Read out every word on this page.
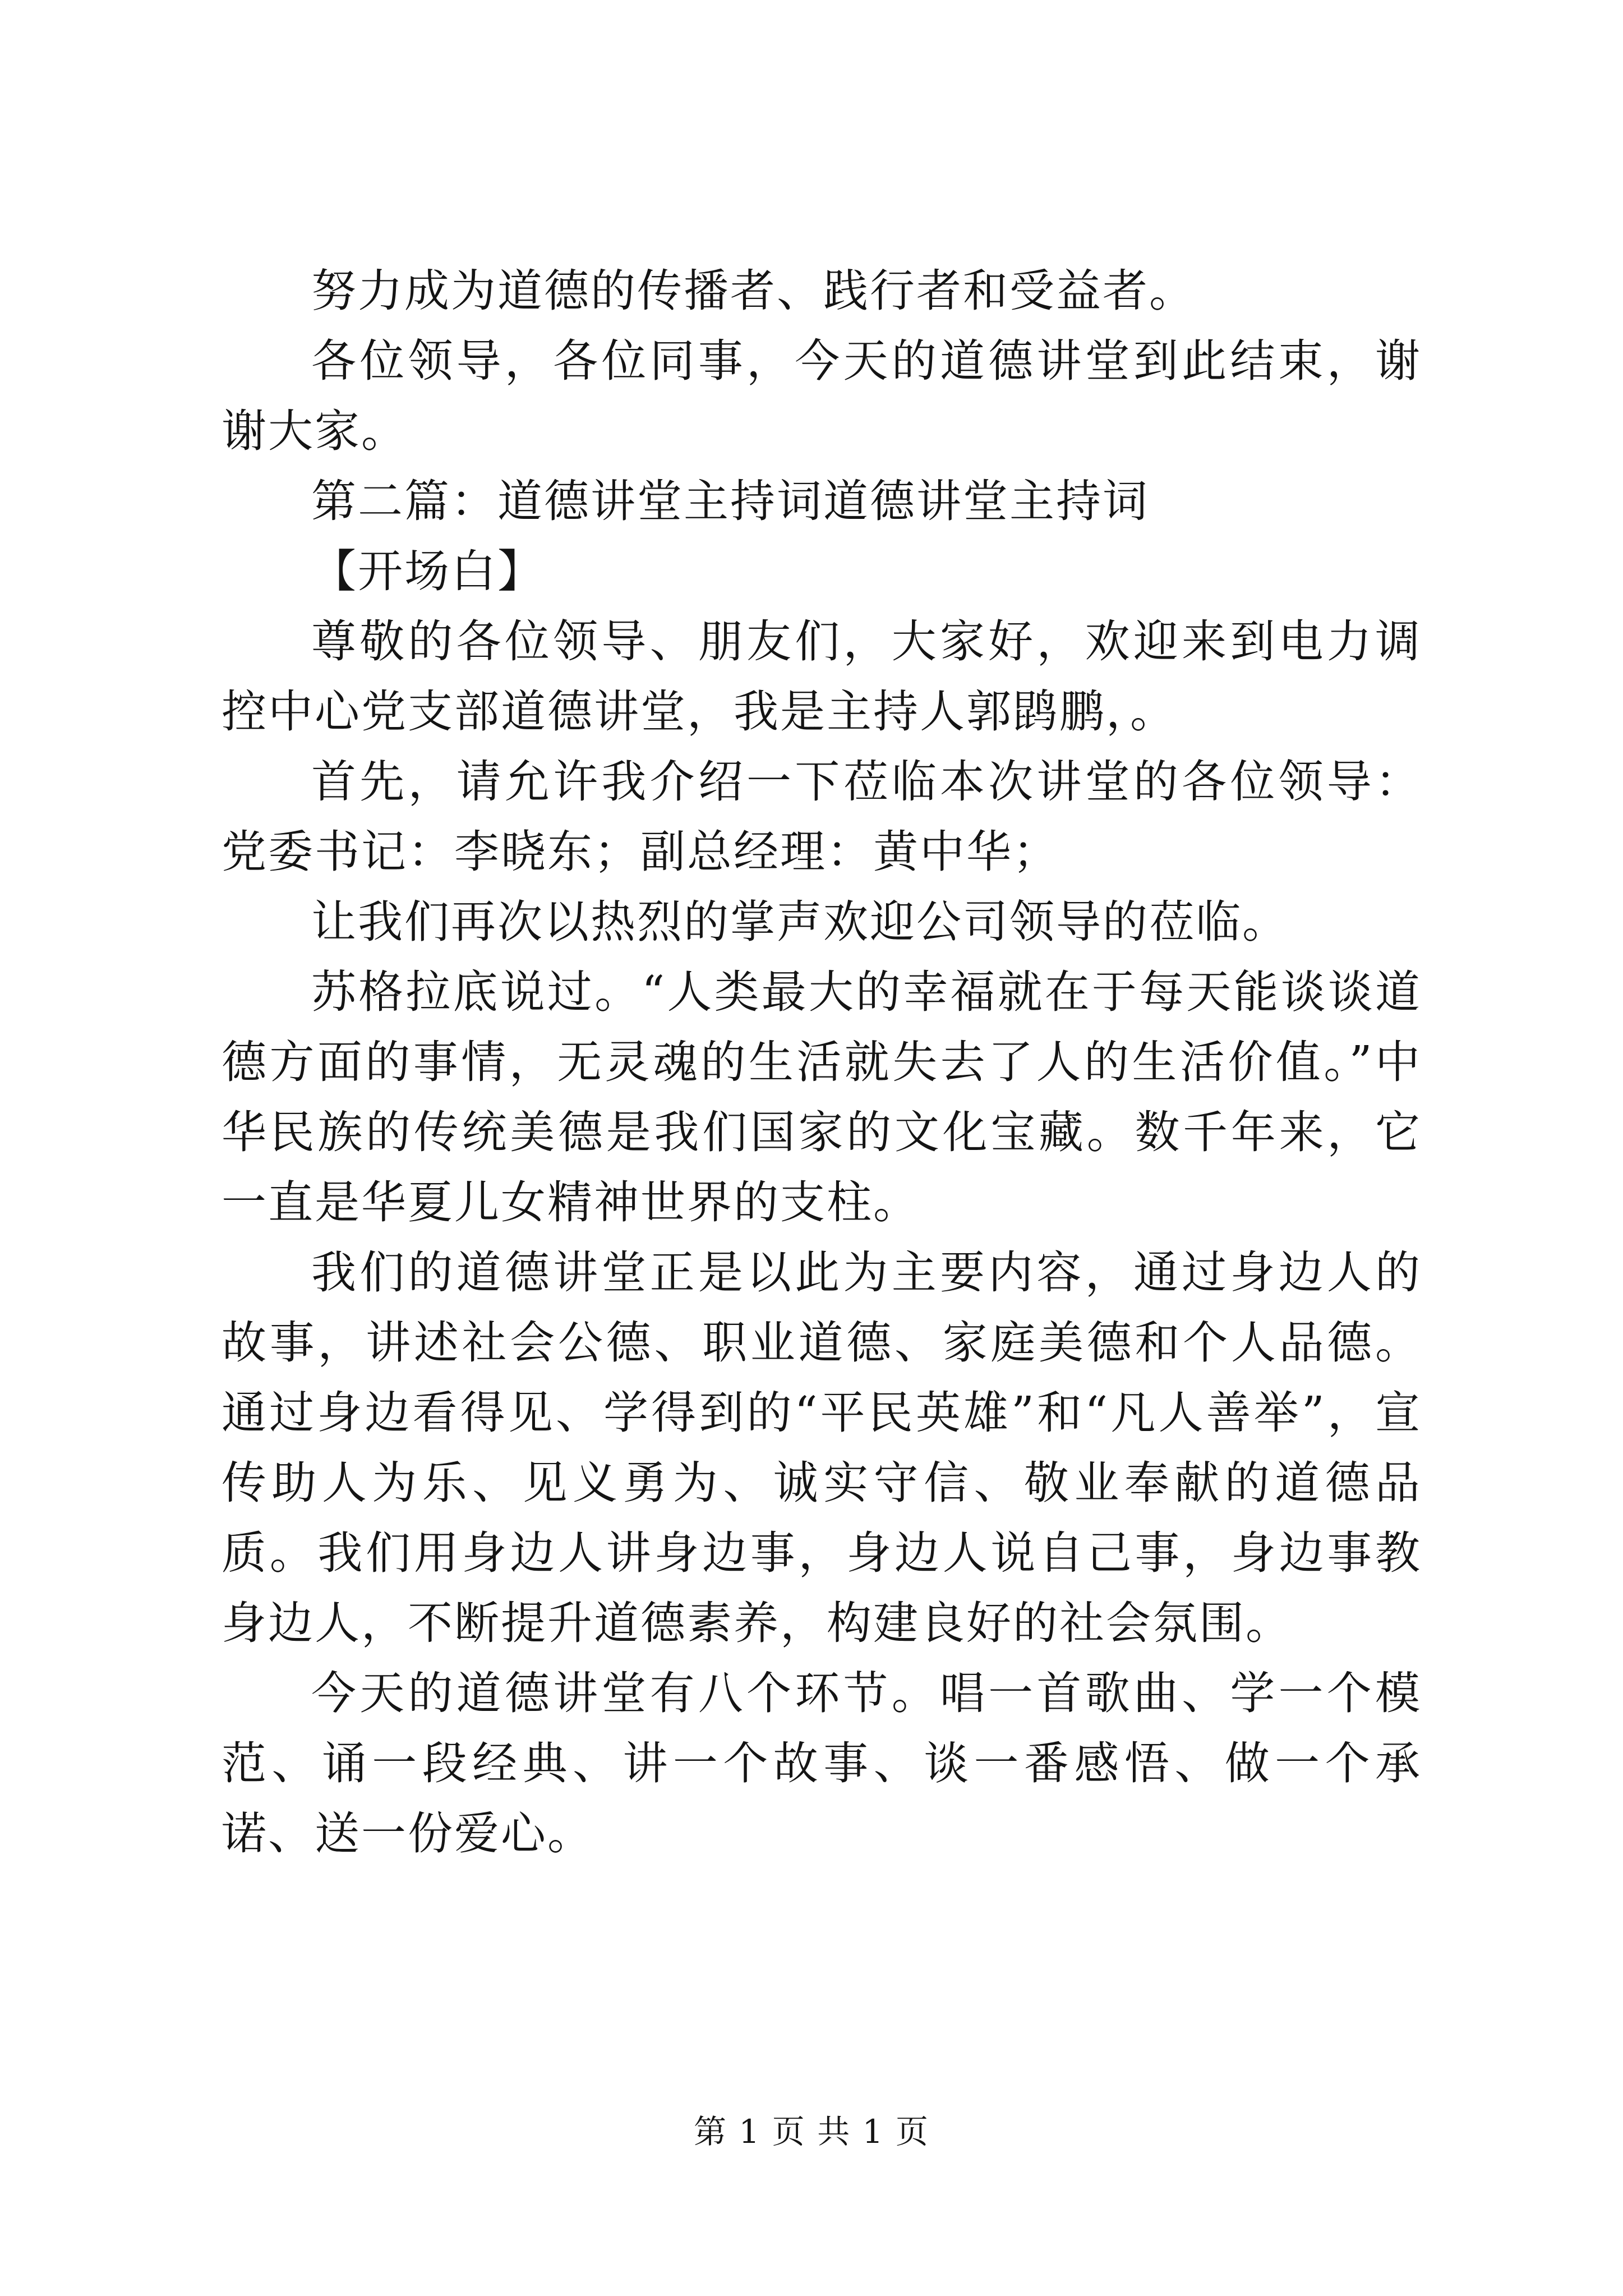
努力成为道德的传播者、践行者和受益者。

各位领导，各位同事，今天的道德讲堂到此结束，谢谢大家。

第二篇：道德讲堂主持词道德讲堂主持词

【开场白】

尊敬的各位领导、朋友们，大家好，欢迎来到电力调控中心党支部道德讲堂，我是主持人郭鹍鹏，。

首先，请允许我介绍一下莅临本次讲堂的各位领导：党委书记：李晓东；副总经理：黄中华；

让我们再次以热烈的掌声欢迎公司领导的莅临。

苏格拉底说过。“人类最大的幸福就在于每天能谈谈道德方面的事情，无灵魂的生活就失去了人的生活价值。”中华民族的传统美德是我们国家的文化宝藏。数千年来，它一直是华夏儿女精神世界的支柱。

我们的道德讲堂正是以此为主要内容，通过身边人的故事，讲述社会公德、职业道德、家庭美德和个人品德。通过身边看得见、学得到的“平民英雄”和“凡人善举”，宣传助人为乐、见义勇为、诚实守信、敬业奉献的道德品质。我们用身边人讲身边事，身边人说自己事，身边事教身边人，不断提升道德素养，构建良好的社会氛围。

今天的道德讲堂有八个环节。唱一首歌曲、学一个模范、诵一段经典、讲一个故事、谈一番感悟、做一个承诺、送一份爱心。

第 1 页 共 1 页
